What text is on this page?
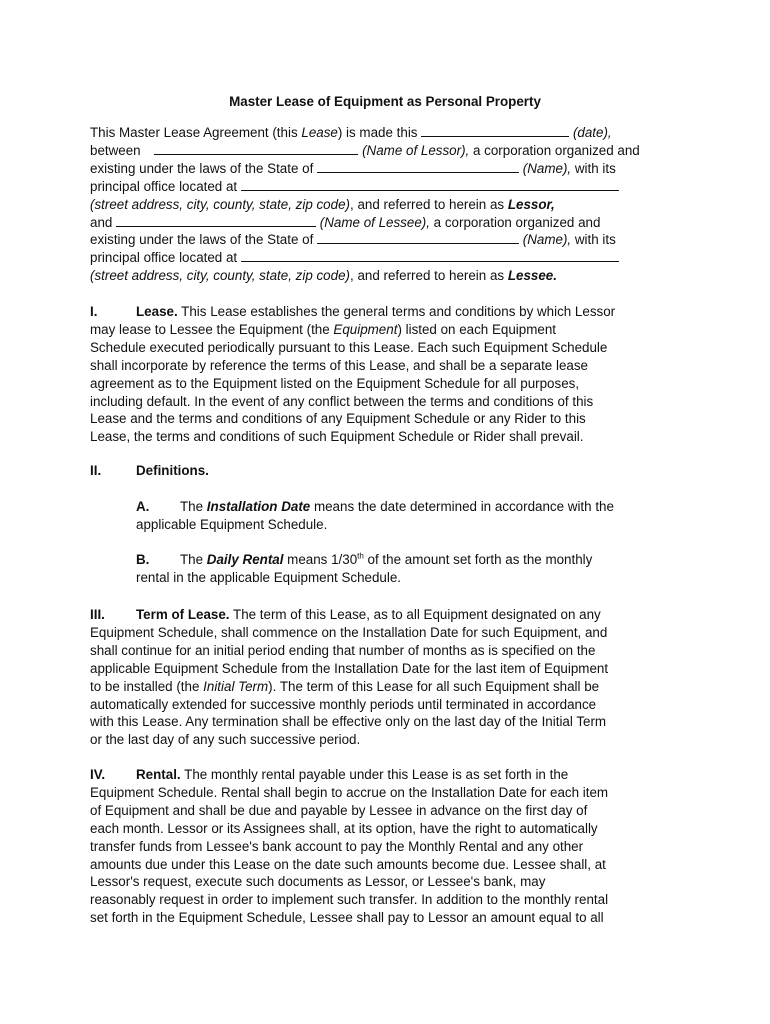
Master Lease of Equipment as Personal Property
This Master Lease Agreement (this Lease) is made this	(date),
between	(Name of Lessor), a corporation organized and
existing under the laws of the State of	(Name), with its
principal office located at
(street address, city, county, state, zip code), and referred to herein as Lessor,
and	(Name of Lessee), a corporation organized and
existing under the laws of the State of	(Name), with its
principal office located at
(street address, city, county, state, zip code), and referred to herein as Lessee.
I.	Lease. This Lease establishes the general terms and conditions by which Lessor
may lease to Lessee the Equipment (the Equipment) listed on each Equipment
Schedule executed periodically pursuant to this Lease. Each such Equipment Schedule
shall incorporate by reference the terms of this Lease, and shall be a separate lease
agreement as to the Equipment listed on the Equipment Schedule for all purposes,
including default. In the event of any conflict between the terms and conditions of this
Lease and the terms and conditions of any Equipment Schedule or any Rider to this
Lease, the terms and conditions of such Equipment Schedule or Rider shall prevail.
II.	Definitions.
A. The Installation Date means the date determined in accordance with the
applicable Equipment Schedule.
B. The Daily Rental means 1/30th of the amount set forth as the monthly
rental in the applicable Equipment Schedule.
III. Term of Lease. The term of this Lease, as to all Equipment designated on any
Equipment Schedule, shall commence on the Installation Date for such Equipment, and
shall continue for an initial period ending that number of months as is specified on the
applicable Equipment Schedule from the Installation Date for the last item of Equipment
to be installed (the Initial Term). The term of this Lease for all such Equipment shall be
automatically extended for successive monthly periods until terminated in accordance
with this Lease. Any termination shall be effective only on the last day of the Initial Term
or the last day of any such successive period.
IV. Rental. The monthly rental payable under this Lease is as set forth in the
Equipment Schedule. Rental shall begin to accrue on the Installation Date for each item
of Equipment and shall be due and payable by Lessee in advance on the first day of
each month. Lessor or its Assignees shall, at its option, have the right to automatically
transfer funds from Lessee's bank account to pay the Monthly Rental and any other
amounts due under this Lease on the date such amounts become due. Lessee shall, at
Lessor's request, execute such documents as Lessor, or Lessee's bank, may
reasonably request in order to implement such transfer. In addition to the monthly rental
set forth in the Equipment Schedule, Lessee shall pay to Lessor an amount equal to all
